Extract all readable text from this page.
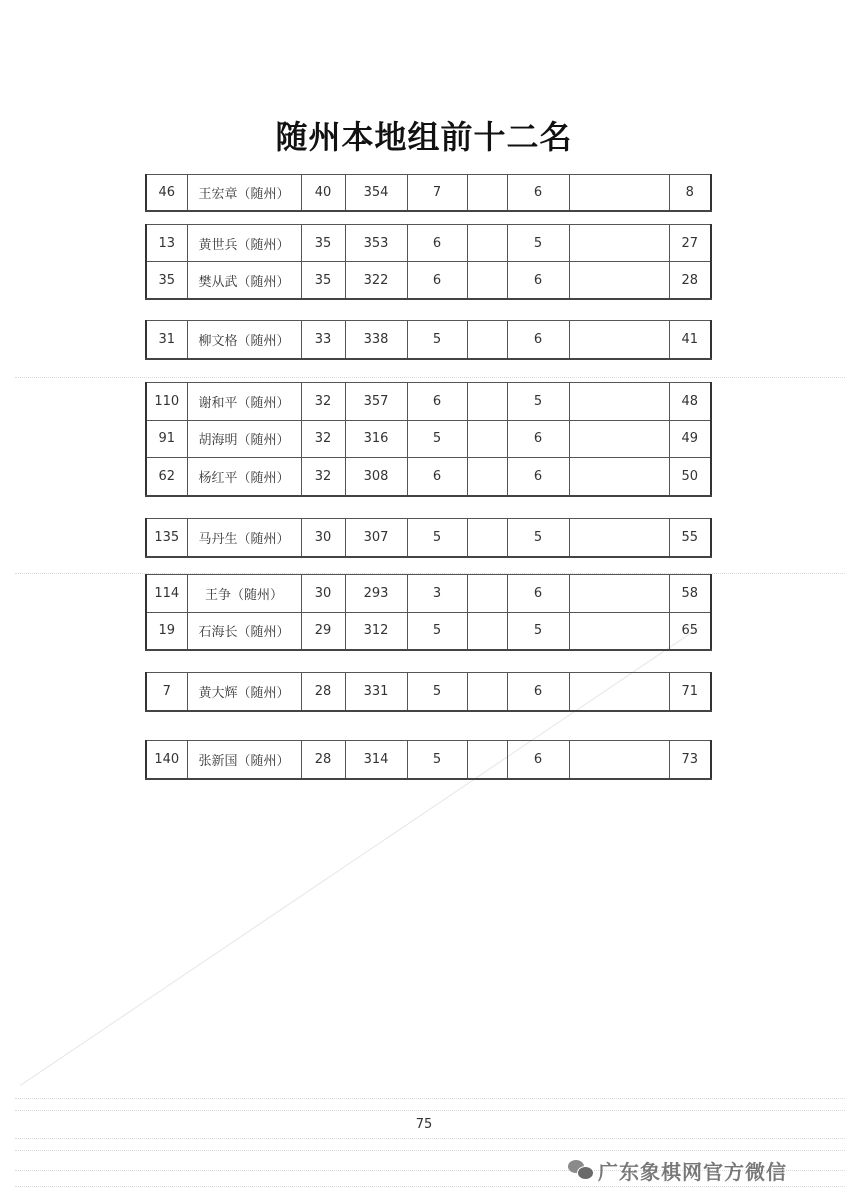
随州本地组前十二名
46	王宏章（随州）	40	354	7		6		8
13	黄世兵（随州）	35	353	6		5		27
35	樊从武（随州）	35	322	6		6		28
31	柳文格（随州）	33	338	5		6		41
110	谢和平（随州）	32	357	6		5		48
91	胡海明（随州）	32	316	5		6		49
62	杨红平（随州）	32	308	6		6		50
135	马丹生（随州）	30	307	5		5		55
114	王争（随州）	30	293	3		6		58
19	石海长（随州）	29	312	5		5		65
7	黄大辉（随州）	28	331	5		6		71
140	张新国（随州）	28	314	5		6		73
75
广东象棋网官方微信
